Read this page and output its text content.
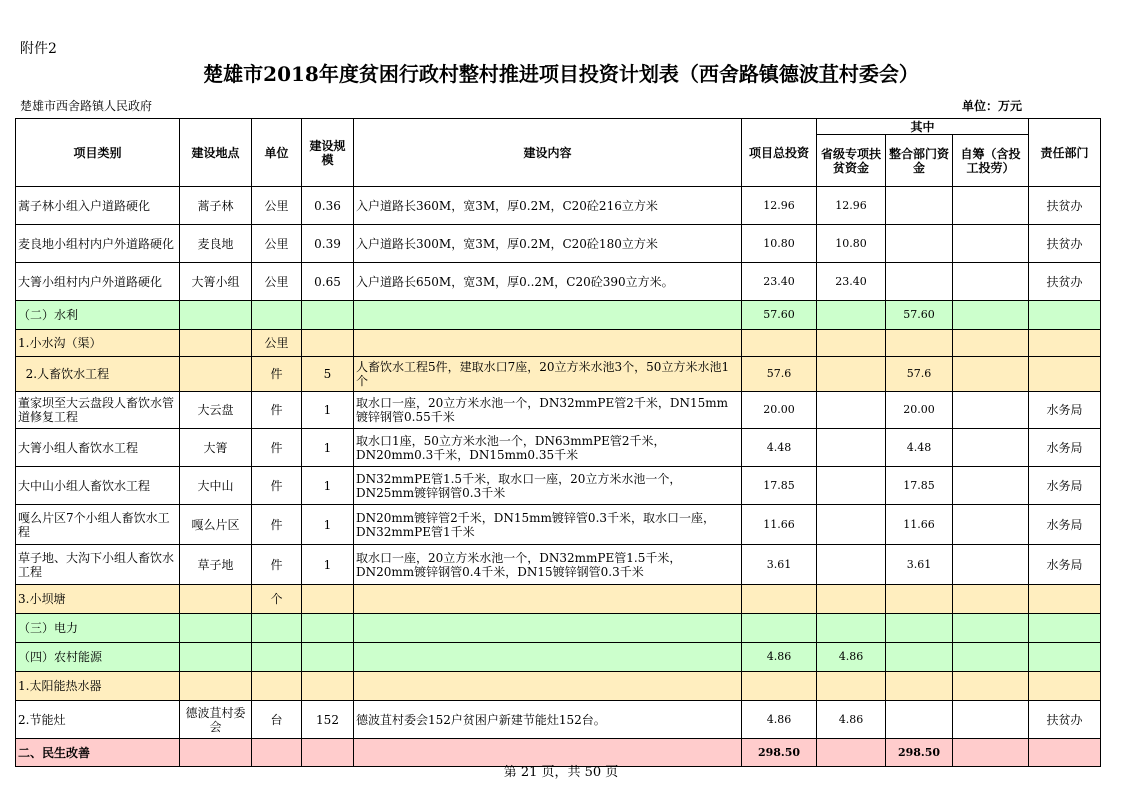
附件2
楚雄市2018年度贫困行政村整村推进项目投资计划表（西舍路镇德波苴村委会）
楚雄市西舍路镇人民政府	单位：万元
项目类别	建设地点	单位	建设规模	建设内容	项目总投资	其中			责任部门
						省级专项扶贫资金	整合部门资金	自筹（含投工投劳）	
蒿子林小组入户道路硬化	蒿子林	公里	0.36	入户道路长360M，宽3M，厚0.2M，C20砼216立方米	12.96	12.96			扶贫办
麦良地小组村内户外道路硬化	麦良地	公里	0.39	入户道路长300M，宽3M，厚0.2M，C20砼180立方米	10.80	10.80			扶贫办
大箐小组村内户外道路硬化	大箐小组	公里	0.65	入户道路长650M，宽3M，厚0..2M，C20砼390立方米。	23.40	23.40			扶贫办
（二）水利					57.60		57.60		
1.小水沟（渠）		公里							
2.人畜饮水工程		件	5	人畜饮水工程5件，建取水口7座，20立方米水池3个，50立方米水池1个	57.6		57.6		
董家坝至大云盘段人畜饮水管道修复工程	大云盘	件	1	取水口一座，20立方米水池一个，DN32mmPE管2千米，DN15mm镀锌钢管0.55千米	20.00		20.00		水务局
大箐小组人畜饮水工程	大箐	件	1	取水口1座，50立方米水池一个，DN63mmPE管2千米，DN20mm0.3千米，DN15mm0.35千米	4.48		4.48		水务局
大中山小组人畜饮水工程	大中山	件	1	DN32mmPE管1.5千米，取水口一座，20立方米水池一个，DN25mm镀锌钢管0.3千米	17.85		17.85		水务局
嘎么片区7个小组人畜饮水工程	嘎么片区	件	1	DN20mm镀锌管2千米，DN15mm镀锌管0.3千米，取水口一座，DN32mmPE管1千米	11.66		11.66		水务局
草子地、大沟下小组人畜饮水工程	草子地	件	1	取水口一座，20立方米水池一个，DN32mmPE管1.5千米，DN20mm镀锌钢管0.4千米，DN15镀锌钢管0.3千米	3.61		3.61		水务局
3.小坝塘		个							
（三）电力									
（四）农村能源					4.86	4.86			
1.太阳能热水器									
2.节能灶	德波苴村委会	台	152	德波苴村委会152户贫困户新建节能灶152台。	4.86	4.86			扶贫办
二、民生改善					298.50		298.50		
第 21 页，共 50 页
